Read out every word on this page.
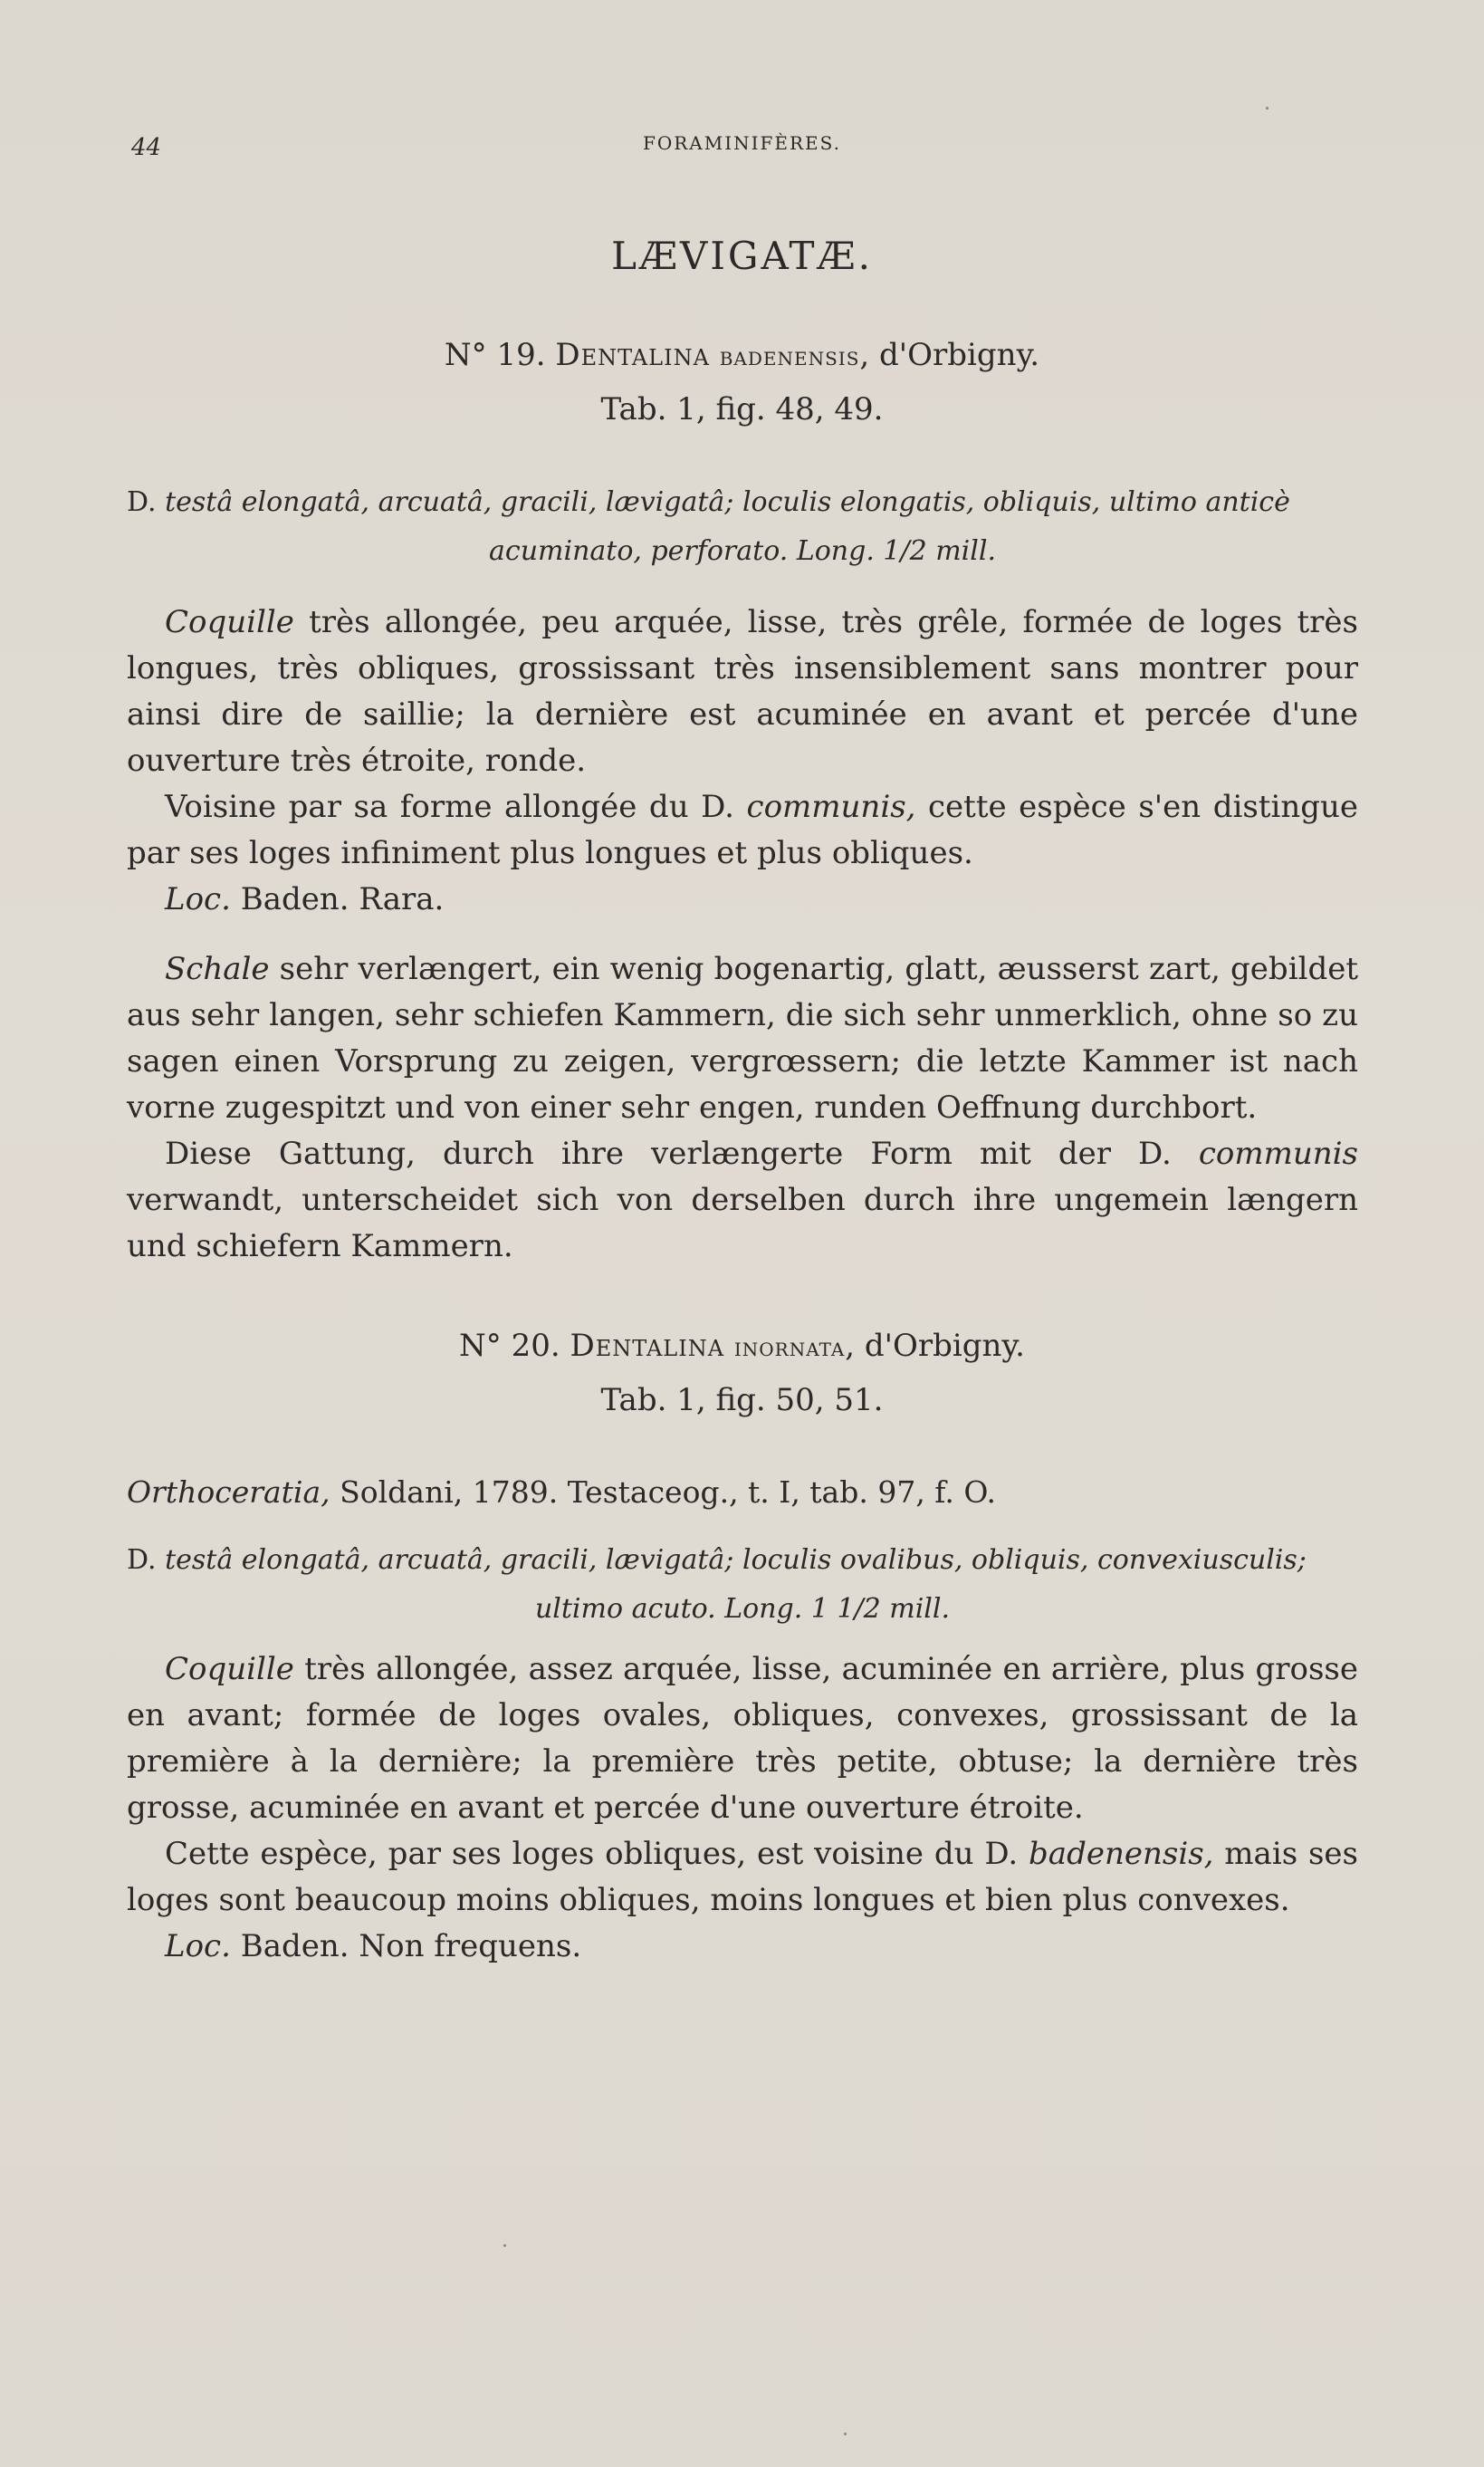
44	FORAMINIFÈRES.
LÆVIGATÆ.
N° 19. Dentalina badenensis, d'Orbigny.
Tab. 1, fig. 48, 49.
D. testâ elongatâ, arcuatâ, gracili, lævigatâ; loculis elongatis, obliquis, ultimo anticè
acuminato, perforato. Long. 1/2 mill.

Coquille très allongée, peu arquée, lisse, très grêle, formée de loges très longues, très obliques, grossissant très insensiblement sans montrer pour ainsi dire de saillie; la dernière est acuminée en avant et percée d'une ouverture très étroite, ronde.

Voisine par sa forme allongée du D. communis, cette espèce s'en distingue par ses loges infiniment plus longues et plus obliques.

Loc. Baden. Rara.

Schale sehr verlængert, ein wenig bogenartig, glatt, æusserst zart, gebildet aus sehr langen, sehr schiefen Kammern, die sich sehr unmerklich, ohne so zu sagen einen Vorsprung zu zeigen, vergrœssern; die letzte Kammer ist nach vorne zugespitzt und von einer sehr engen, runden Oeffnung durchbort.

Diese Gattung, durch ihre verlængerte Form mit der D. communis verwandt, unterscheidet sich von derselben durch ihre ungemein længern und schiefern Kammern.

N° 20. Dentalina inornata, d'Orbigny.
Tab. 1, fig. 50, 51.
Orthoceratia, Soldani, 1789. Testaceog., t. I, tab. 97, f. O.
D. testâ elongatâ, arcuatâ, gracili, lævigatâ; loculis ovalibus, obliquis, convexiusculis;
ultimo acuto. Long. 1 1/2 mill.

Coquille très allongée, assez arquée, lisse, acuminée en arrière, plus grosse en avant; formée de loges ovales, obliques, convexes, grossissant de la première à la dernière; la première très petite, obtuse; la dernière très grosse, acuminée en avant et percée d'une ouverture étroite.

Cette espèce, par ses loges obliques, est voisine du D. badenensis, mais ses loges sont beaucoup moins obliques, moins longues et bien plus convexes.

Loc. Baden. Non frequens.
